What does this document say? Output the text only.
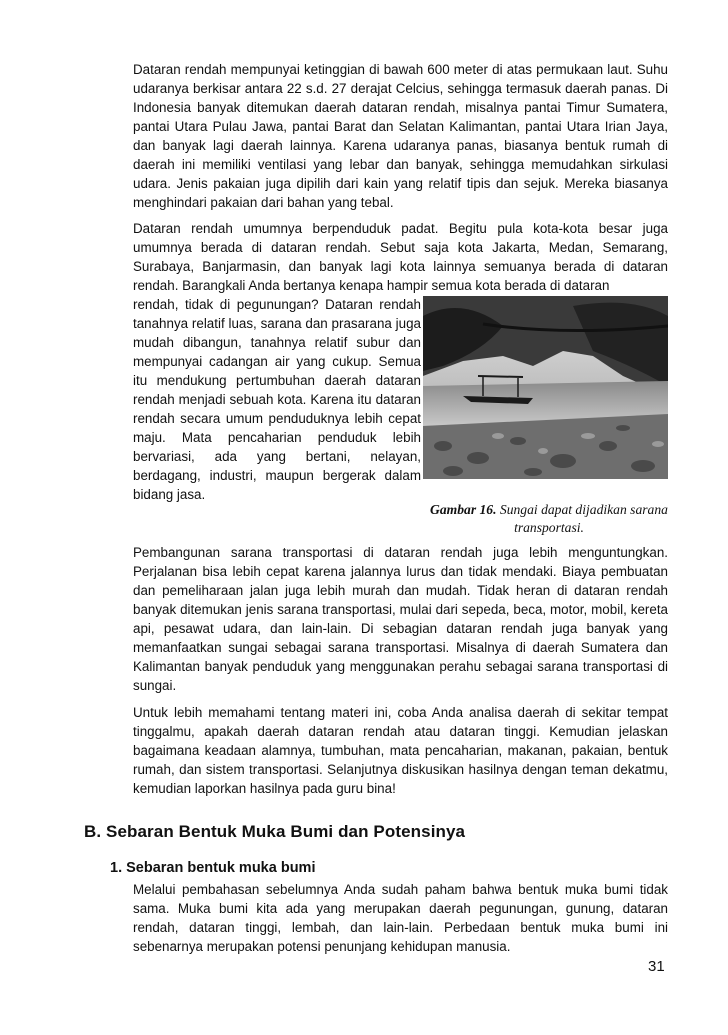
Dataran rendah mempunyai ketinggian di bawah 600 meter di atas permukaan laut. Suhu udaranya berkisar antara 22 s.d. 27 derajat Celcius, sehingga termasuk daerah panas. Di Indonesia banyak ditemukan daerah dataran rendah, misalnya pantai Timur Sumatera, pantai Utara Pulau Jawa, pantai Barat dan Selatan Kalimantan, pantai Utara Irian Jaya, dan banyak lagi daerah lainnya. Karena udaranya panas, biasanya bentuk rumah di daerah ini memiliki ventilasi yang lebar dan banyak, sehingga memudahkan sirkulasi udara. Jenis pakaian juga dipilih dari kain yang relatif tipis dan sejuk. Mereka biasanya menghindari pakaian dari bahan yang tebal.

Dataran rendah umumnya berpenduduk padat. Begitu pula kota-kota besar juga umumnya berada di dataran rendah. Sebut saja kota Jakarta, Medan, Semarang, Surabaya, Banjarmasin, dan banyak lagi kota lainnya semuanya berada di dataran rendah. Barangkali Anda bertanya kenapa hampir semua kota berada di dataran

rendah, tidak di pegunungan? Dataran rendah tanahnya relatif luas, sarana dan prasarana juga mudah dibangun, tanahnya relatif subur dan mempunyai cadangan air yang cukup. Semua itu mendukung pertumbuhan daerah dataran rendah menjadi sebuah kota. Karena itu dataran rendah secara umum penduduknya lebih cepat maju. Mata pencaharian penduduk lebih bervariasi, ada yang bertani, nelayan, berdagang, industri, maupun bergerak dalam bidang jasa.

Gambar 16. Sungai dapat dijadikan sarana transportasi.

Pembangunan sarana transportasi di dataran rendah juga lebih menguntungkan. Perjalanan bisa lebih cepat karena jalannya lurus dan tidak mendaki. Biaya pembuatan dan pemeliharaan jalan juga lebih murah dan mudah. Tidak heran di dataran rendah banyak ditemukan jenis sarana transportasi, mulai dari sepeda, beca, motor, mobil, kereta api, pesawat udara, dan lain-lain. Di sebagian dataran rendah juga banyak yang memanfaatkan sungai sebagai sarana transportasi. Misalnya di daerah Sumatera dan Kalimantan banyak penduduk yang menggunakan perahu sebagai sarana transportasi di sungai.

Untuk lebih memahami tentang materi ini, coba Anda analisa daerah di sekitar tempat tinggalmu, apakah daerah dataran rendah atau dataran tinggi. Kemudian jelaskan bagaimana keadaan alamnya, tumbuhan, mata pencaharian, makanan, pakaian, bentuk rumah, dan sistem transportasi. Selanjutnya diskusikan hasilnya dengan teman dekatmu, kemudian laporkan hasilnya pada guru bina!

B. Sebaran Bentuk Muka Bumi dan Potensinya

1. Sebaran bentuk muka bumi

Melalui pembahasan sebelumnya Anda sudah paham bahwa bentuk muka bumi tidak sama. Muka bumi kita ada yang merupakan daerah pegunungan, gunung, dataran rendah, dataran tinggi, lembah, dan lain-lain. Perbedaan bentuk muka bumi ini sebenarnya merupakan potensi penunjang kehidupan manusia.

31
